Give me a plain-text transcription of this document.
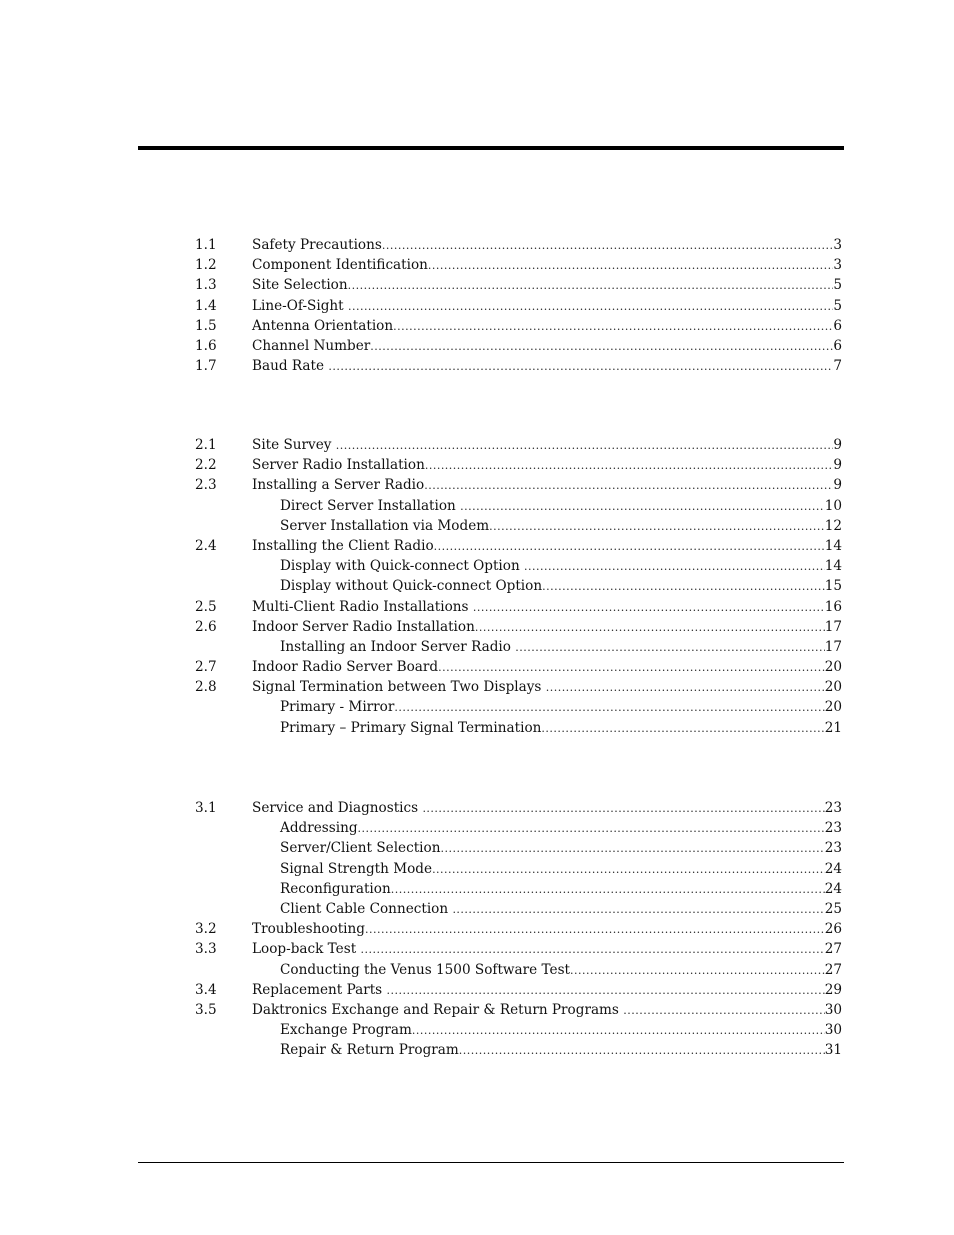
1.1	Safety Precautions .....	3
1.2	Component Identification .....	3
1.3	Site Selection .....	5
1.4	Line-Of-Sight .....	5
1.5	Antenna Orientation .....	6
1.6	Channel Number .....	6
1.7	Baud Rate .....	7
2.1	Site Survey .....	9
2.2	Server Radio Installation .....	9
2.3	Installing a Server Radio .....	9
Direct Server Installation .....	10
Server Installation via Modem .....	12
2.4	Installing the Client Radio .....	14
Display with Quick-connect Option .....	14
Display without Quick-connect Option .....	15
2.5	Multi-Client Radio Installations .....	16
2.6	Indoor Server Radio Installation .....	17
Installing an Indoor Server Radio .....	17
2.7	Indoor Radio Server Board .....	20
2.8	Signal Termination between Two Displays .....	20
Primary - Mirror .....	20
Primary – Primary Signal Termination .....	21
3.1	Service and Diagnostics .....	23
Addressing .....	23
Server/Client Selection .....	23
Signal Strength Mode .....	24
Reconfiguration .....	24
Client Cable Connection .....	25
3.2	Troubleshooting .....	26
3.3	Loop-back Test .....	27
Conducting the Venus 1500 Software Test .....	27
3.4	Replacement Parts .....	29
3.5	Daktronics Exchange and Repair & Return Programs .....	30
Exchange Program .....	30
Repair & Return Program .....	31
